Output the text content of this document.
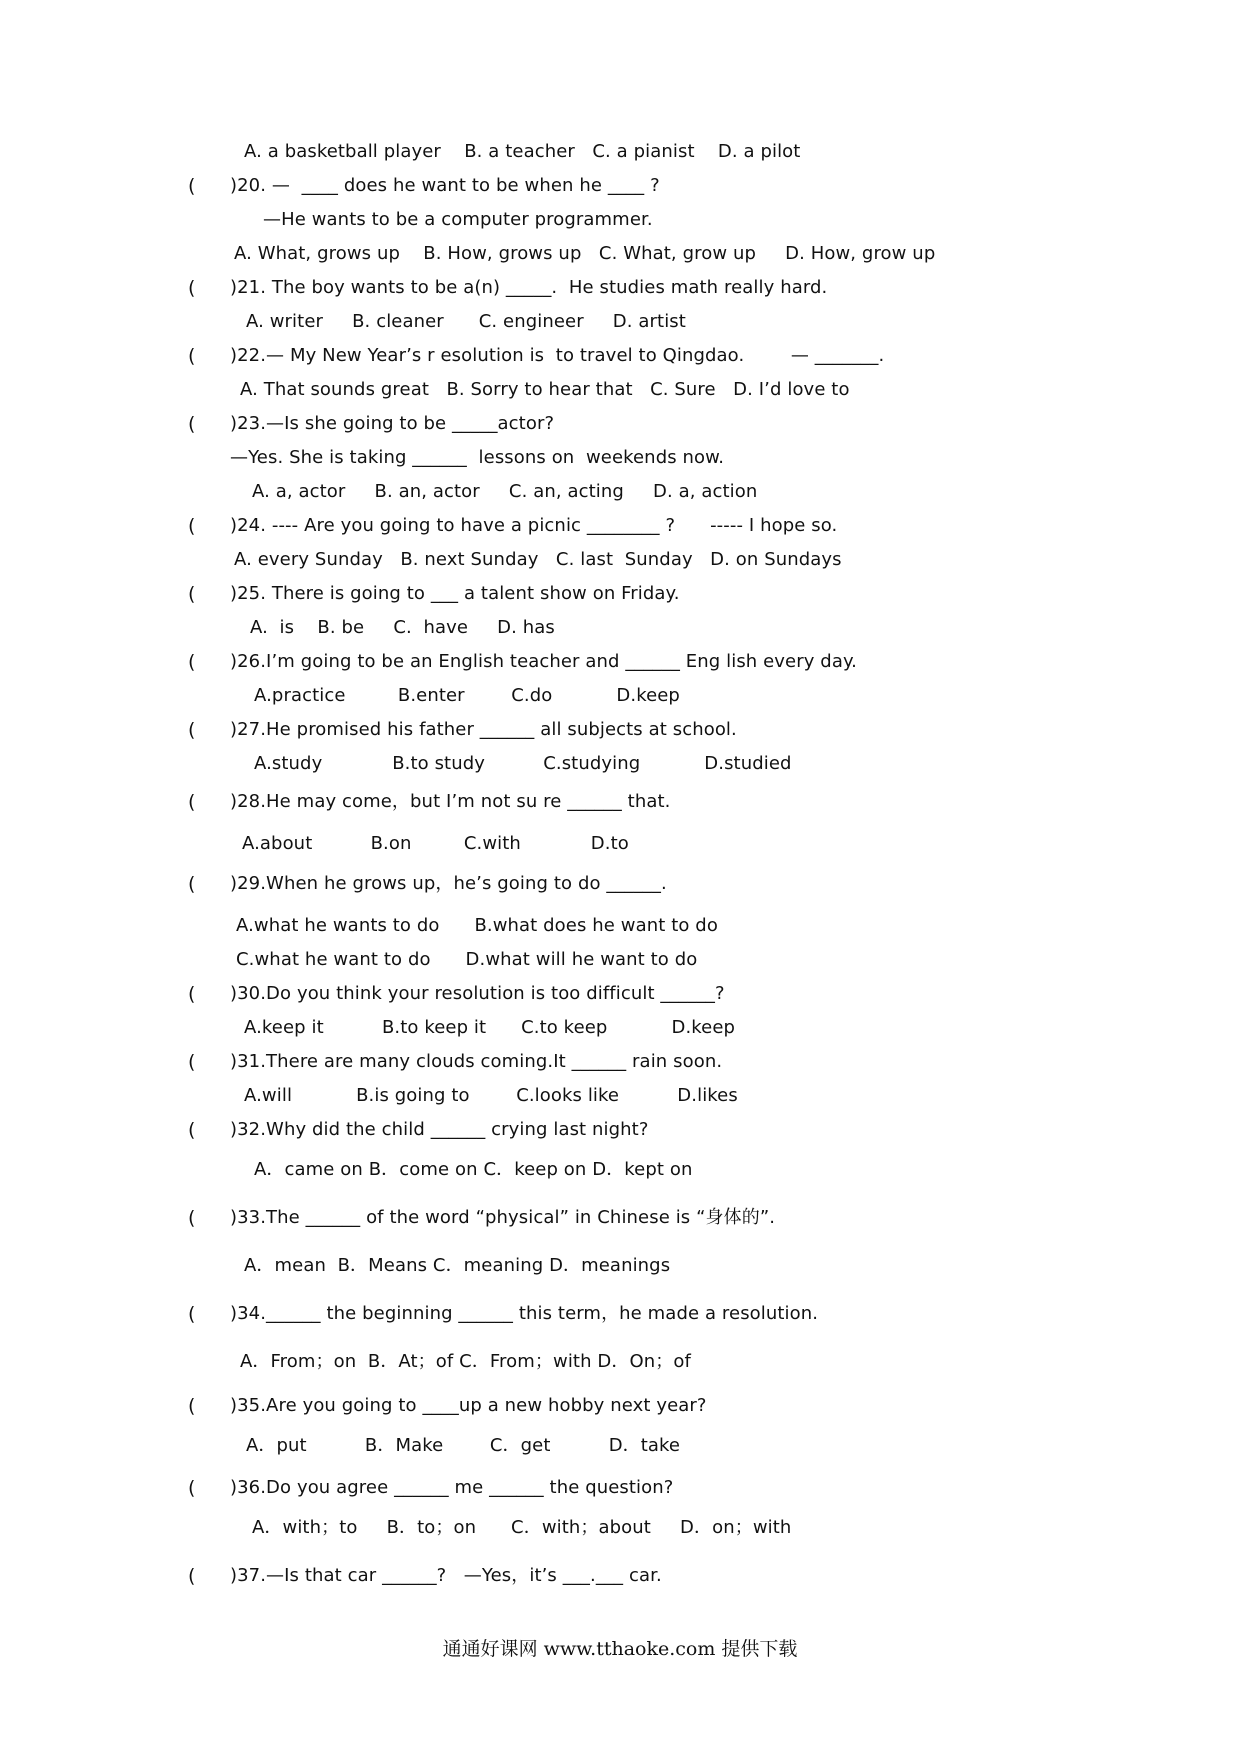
A. a basketball player    B. a teacher   C. a pianist    D. a pilot
( )20. —  ____ does he want to be when he ____ ?
—He wants to be a computer programmer.
A. What, grows up    B. How, grows up   C. What, grow up     D. How, grow up
( )21. The boy wants to be a(n) _____.  He studies math really hard.
A. writer     B. cleaner      C. engineer     D. artist
( )22.— My New Year’s r esolution is  to travel to Qingdao.        — _______.
A. That sounds great   B. Sorry to hear that   C. Sure   D. I’d love to
( )23.—Is she going to be _____actor?
—Yes. She is taking ______  lessons on  weekends now.
A. a, actor     B. an, actor     C. an, acting     D. a, action
( )24. ---- Are you going to have a picnic ________ ?      ----- I hope so.
A. every Sunday   B. next Sunday   C. last  Sunday   D. on Sundays
( )25. There is going to ___ a talent show on Friday.
A.  is    B. be     C.  have     D. has
( )26.I’m going to be an English teacher and ______ Eng lish every day.
A.practice         B.enter        C.do           D.keep
( )27.He promised his father ______ all subjects at school.
A.study            B.to study          C.studying           D.studied
( )28.He may come，but I’m not su re ______ that.
A.about          B.on         C.with            D.to
( )29.When he grows up，he’s going to do ______.
A.what he wants to do      B.what does he want to do
C.what he want to do      D.what will he want to do
( )30.Do you think your resolution is too difficult ______?
A.keep it          B.to keep it      C.to keep           D.keep
( )31.There are many clouds coming.It ______ rain soon.
A.will           B.is going to        C.looks like          D.likes
( )32.Why did the child ______ crying last night?
A．came on B．come on C．keep on D．kept on
( )33.The ______ of the word “physical” in Chinese is “身体的”.
A．mean  B．Means C．meaning D．meanings
( )34.______ the beginning ______ this term，he made a resolution.
A．From；on  B．At；of C．From；with D．On；of
( )35.Are you going to ____up a new hobby next year?
A．put          B．Make        C．get          D．take
( )36.Do you agree ______ me ______ the question?
A．with；to     B．to；on      C．with；about     D．on；with
( )37.—Is that car ______?   —Yes，it’s ___.___ car.
通通好课网 www.tthaoke.com 提供下载
